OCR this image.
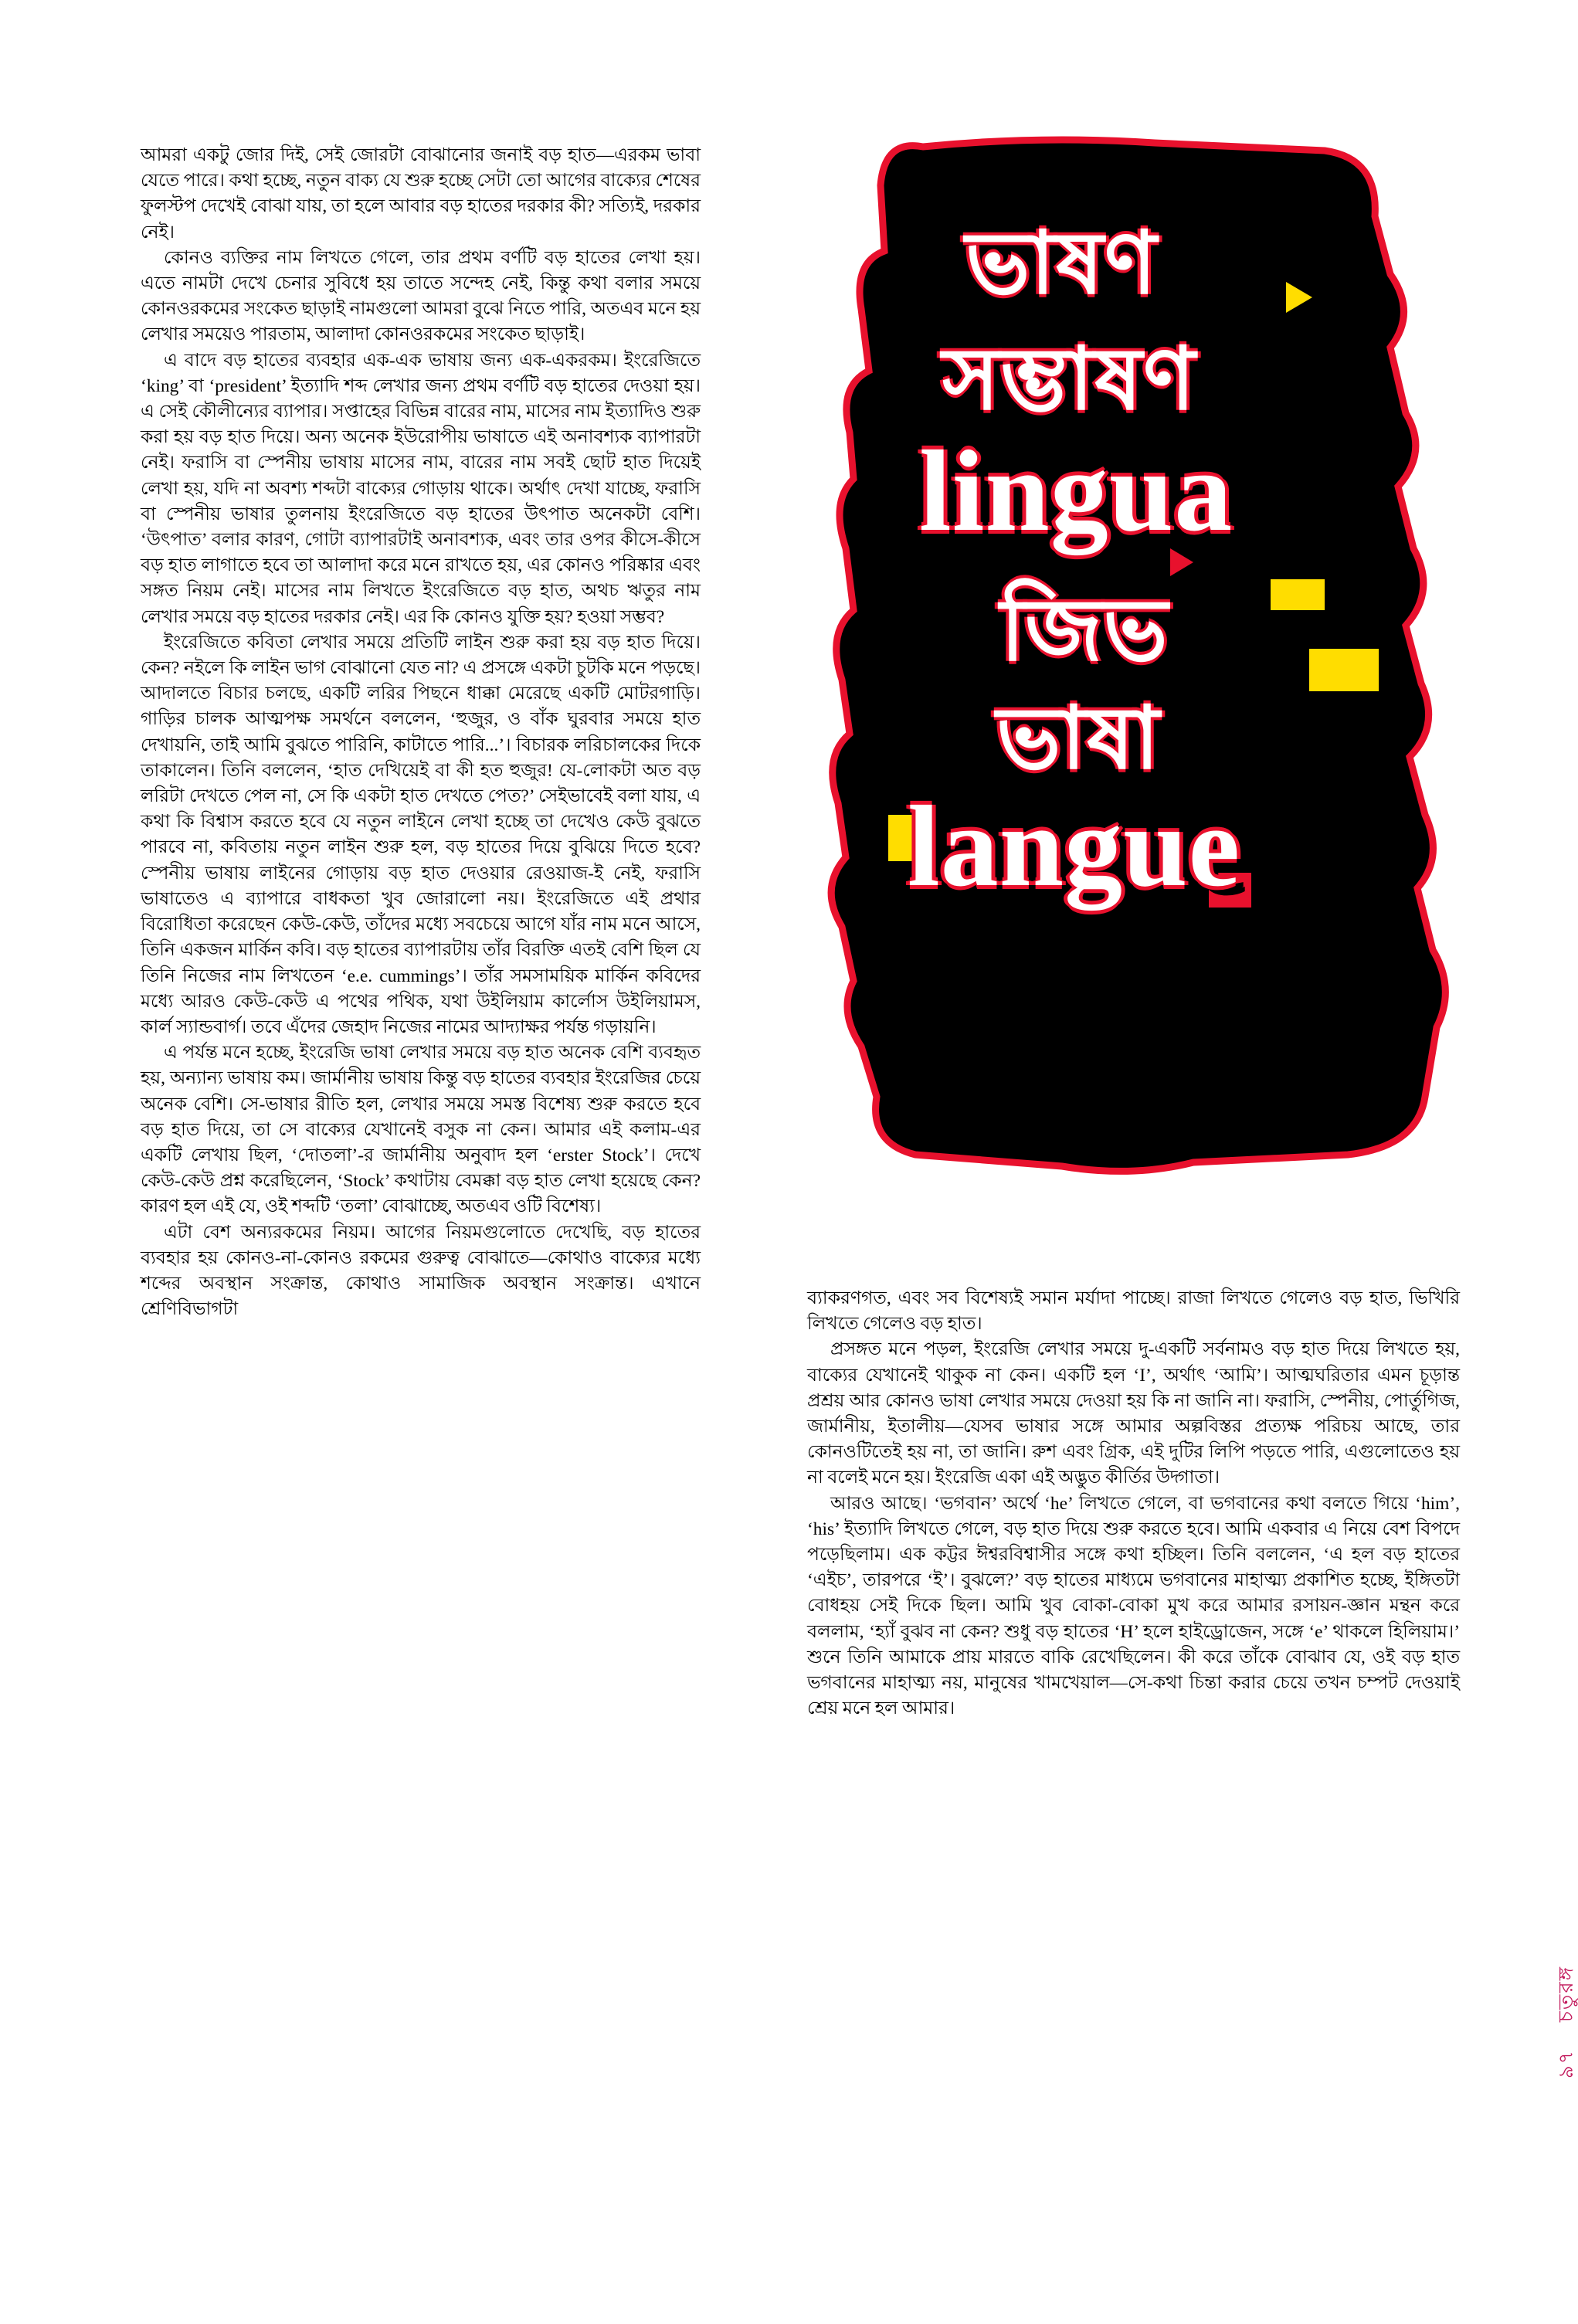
আমরা একটু জোর দিই, সেই জোরটা বোঝানোর জনাই বড় হাত—এরকম ভাবা যেতে পারে। কথা হচ্ছে, নতুন বাক্য যে শুরু হচ্ছে সেটা তো আগের বাক্যের শেষের ফুলস্টপ দেখেই বোঝা যায়, তা হলে আবার বড় হাতের দরকার কী? সত্যিই, দরকার নেই।

কোনও ব্যক্তির নাম লিখতে গেলে, তার প্রথম বর্ণটি বড় হাতের লেখা হয়। এতে নামটা দেখে চেনার সুবিধে হয় তাতে সন্দেহ নেই, কিন্তু কথা বলার সময়ে কোনওরকমের সংকেত ছাড়াই নামগুলো আমরা বুঝে নিতে পারি, অতএব মনে হয় লেখার সময়েও পারতাম, আলাদা কোনওরকমের সংকেত ছাড়াই।

এ বাদে বড় হাতের ব্যবহার এক-এক ভাষায় জন্য এক-একরকম। ইংরেজিতে ‘king’ বা ‘president’ ইত্যাদি শব্দ লেখার জন্য প্রথম বর্ণটি বড় হাতের দেওয়া হয়। এ সেই কৌলীন্যের ব্যাপার। সপ্তাহের বিভিন্ন বারের নাম, মাসের নাম ইত্যাদিও শুরু করা হয় বড় হাত দিয়ে। অন্য অনেক ইউরোপীয় ভাষাতে এই অনাবশ্যক ব্যাপারটা নেই। ফরাসি বা স্পেনীয় ভাষায় মাসের নাম, বারের নাম সবই ছোট হাত দিয়েই লেখা হয়, যদি না অবশ্য শব্দটা বাক্যের গোড়ায় থাকে। অর্থাৎ দেখা যাচ্ছে, ফরাসি বা স্পেনীয় ভাষার তুলনায় ইংরেজিতে বড় হাতের উৎপাত অনেকটা বেশি। ‘উৎপাত’ বলার কারণ, গোটা ব্যাপারটাই অনাবশ্যক, এবং তার ওপর কীসে-কীসে বড় হাত লাগাতে হবে তা আলাদা করে মনে রাখতে হয়, এর কোনও পরিষ্কার এবং সঙ্গত নিয়ম নেই। মাসের নাম লিখতে ইংরেজিতে বড় হাত, অথচ ঋতুর নাম লেখার সময়ে বড় হাতের দরকার নেই। এর কি কোনও যুক্তি হয়? হওয়া সম্ভব?

ইংরেজিতে কবিতা লেখার সময়ে প্রতিটি লাইন শুরু করা হয় বড় হাত দিয়ে। কেন? নইলে কি লাইন ভাগ বোঝানো যেত না? এ প্রসঙ্গে একটা চুটকি মনে পড়ছে। আদালতে বিচার চলছে, একটি লরির পিছনে ধাক্কা মেরেছে একটি মোটরগাড়ি। গাড়ির চালক আত্মপক্ষ সমর্থনে বললেন, ‘হুজুর, ও বাঁক ঘুরবার সময়ে হাত দেখায়নি, তাই আমি বুঝতে পারিনি, কাটাতে পারি...’। বিচারক লরিচালকের দিকে তাকালেন। তিনি বললেন, ‘হাত দেখিয়েই বা কী হত হুজুর! যে-লোকটা অত বড় লরিটা দেখতে পেল না, সে কি একটা হাত দেখতে পেত?’ সেইভাবেই বলা যায়, এ কথা কি বিশ্বাস করতে হবে যে নতুন লাইনে লেখা হচ্ছে তা দেখেও কেউ বুঝতে পারবে না, কবিতায় নতুন লাইন শুরু হল, বড় হাতের দিয়ে বুঝিয়ে দিতে হবে? স্পেনীয় ভাষায় লাইনের গোড়ায় বড় হাত দেওয়ার রেওয়াজ-ই নেই, ফরাসি ভাষাতেও এ ব্যাপারে বাধকতা খুব জোরালো নয়। ইংরেজিতে এই প্রথার বিরোধিতা করেছেন কেউ-কেউ, তাঁদের মধ্যে সবচেয়ে আগে যাঁর নাম মনে আসে, তিনি একজন মার্কিন কবি। বড় হাতের ব্যাপারটায় তাঁর বিরক্তি এতই বেশি ছিল যে তিনি নিজের নাম লিখতেন ‘e.e. cummings’। তাঁর সমসাময়িক মার্কিন কবিদের মধ্যে আরও কেউ-কেউ এ পথের পথিক, যথা উইলিয়াম কার্লোস উইলিয়ামস, কার্ল স্যান্ডবার্গ। তবে এঁদের জেহাদ নিজের নামের আদ্যাক্ষর পর্যন্ত গড়ায়নি।

এ পর্যন্ত মনে হচ্ছে, ইংরেজি ভাষা লেখার সময়ে বড় হাত অনেক বেশি ব্যবহৃত হয়, অন্যান্য ভাষায় কম। জার্মানীয় ভাষায় কিন্তু বড় হাতের ব্যবহার ইংরেজির চেয়ে অনেক বেশি। সে-ভাষার রীতি হল, লেখার সময়ে সমস্ত বিশেষ্য শুরু করতে হবে বড় হাত দিয়ে, তা সে বাক্যের যেখানেই বসুক না কেন। আমার এই কলাম-এর একটি লেখায় ছিল, ‘দোতলা’-র জার্মানীয় অনুবাদ হল ‘erster Stock’। দেখে কেউ-কেউ প্রশ্ন করেছিলেন, ‘Stock’ কথাটায় বেমক্কা বড় হাত লেখা হয়েছে কেন? কারণ হল এই যে, ওই শব্দটি ‘তলা’ বোঝাচ্ছে, অতএব ওটি বিশেষ্য।

এটা বেশ অন্যরকমের নিয়ম। আগের নিয়মগুলোতে দেখেছি, বড় হাতের ব্যবহার হয় কোনও-না-কোনও রকমের গুরুত্ব বোঝাতে—কোথাও বাক্যের মধ্যে শব্দের অবস্থান সংক্রান্ত, কোথাও সামাজিক অবস্থান সংক্রান্ত। এখানে শ্রেণিবিভাগটা

ভাষণ
সম্ভাষণ
lingua
জিভ
ভাষা
langue

ব্যাকরণগত, এবং সব বিশেষ্যই সমান মর্যাদা পাচ্ছে। রাজা লিখতে গেলেও বড় হাত, ভিখিরি লিখতে গেলেও বড় হাত।

প্রসঙ্গত মনে পড়ল, ইংরেজি লেখার সময়ে দু-একটি সর্বনামও বড় হাত দিয়ে লিখতে হয়, বাক্যের যেখানেই থাকুক না কেন। একটি হল ‘I’, অর্থাৎ ‘আমি’। আত্মঘরিতার এমন চূড়ান্ত প্রশ্রয় আর কোনও ভাষা লেখার সময়ে দেওয়া হয় কি না জানি না। ফরাসি, স্পেনীয়, পোর্তুগিজ, জার্মানীয়, ইতালীয়—যেসব ভাষার সঙ্গে আমার অল্পবিস্তর প্রত্যক্ষ পরিচয় আছে, তার কোনওটিতেই হয় না, তা জানি। রুশ এবং গ্রিক, এই দুটির লিপি পড়তে পারি, এগুলোতেও হয় না বলেই মনে হয়। ইংরেজি একা এই অদ্ভুত কীর্তির উদ্গাতা।

আরও আছে। ‘ভগবান’ অর্থে ‘he’ লিখতে গেলে, বা ভগবানের কথা বলতে গিয়ে ‘him’, ‘his’ ইত্যাদি লিখতে গেলে, বড় হাত দিয়ে শুরু করতে হবে। আমি একবার এ নিয়ে বেশ বিপদে পড়েছিলাম। এক কট্টর ঈশ্বরবিশ্বাসীর সঙ্গে কথা হচ্ছিল। তিনি বললেন, ‘এ হল বড় হাতের ‘এইচ’, তারপরে ‘ই’। বুঝলে?’ বড় হাতের মাধ্যমে ভগবানের মাহাত্ম্য প্রকাশিত হচ্ছে, ইঙ্গিতটা বোধহয় সেই দিকে ছিল। আমি খুব বোকা-বোকা মুখ করে আমার রসায়ন-জ্ঞান মন্থন করে বললাম, ‘হ্যাঁ বুঝব না কেন? শুধু বড় হাতের ‘H’ হলে হাইড্রোজেন, সঙ্গে ‘e’ থাকলে হিলিয়াম।’ শুনে তিনি আমাকে প্রায় মারতে বাকি রেখেছিলেন। কী করে তাঁকে বোঝাব যে, ওই বড় হাত ভগবানের মাহাত্ম্য নয়, মানুষের খামখেয়াল—সে-কথা চিন্তা করার চেয়ে তখন চম্পট দেওয়াই শ্রেয় মনে হল আমার।

৯৭ চতুরঙ্গ
